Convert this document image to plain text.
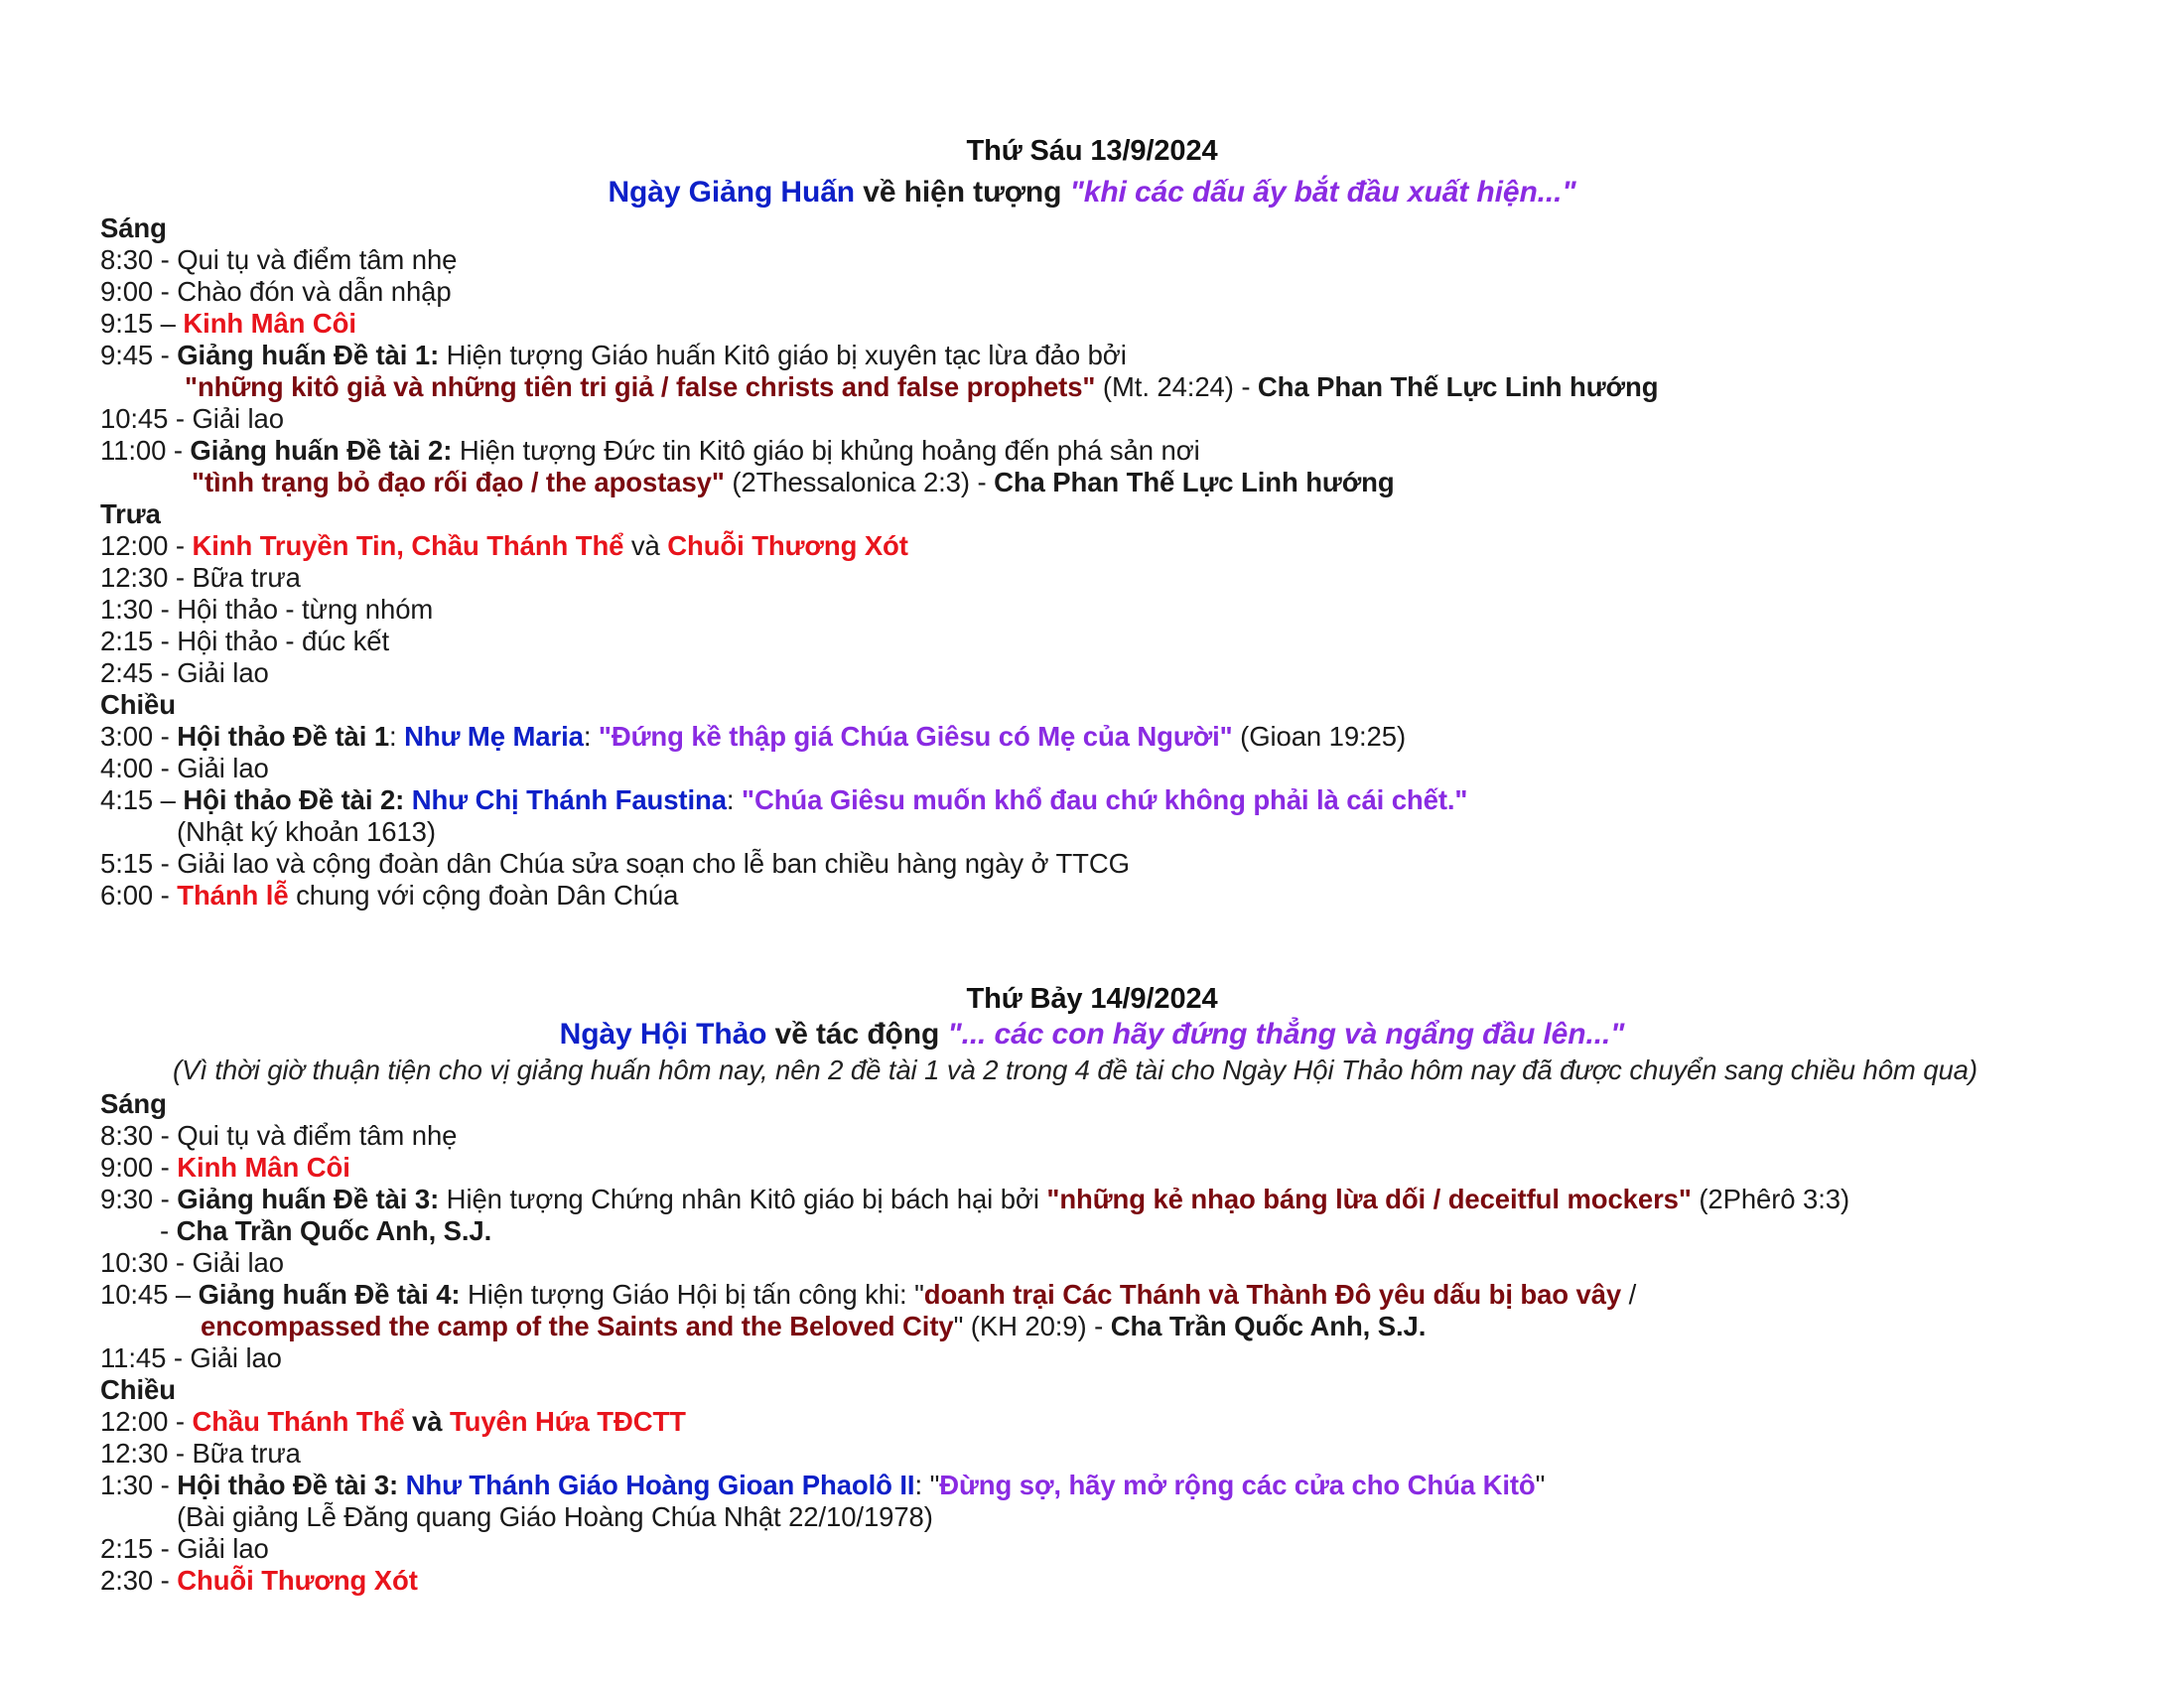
Thứ Sáu 13/9/2024
Ngày Giảng Huấn về hiện tượng "khi các dấu ấy bắt đầu xuất hiện..."
Sáng
8:30 - Qui tụ và điểm tâm nhẹ
9:00 - Chào đón và dẫn nhập
9:15 – Kinh Mân Côi
9:45 - Giảng huấn Đề tài 1: Hiện tượng Giáo huấn Kitô giáo bị xuyên tạc lừa đảo bởi
"những kitô giả và những tiên tri giả / false christs and false prophets" (Mt. 24:24) - Cha Phan Thế Lực Linh hướng
10:45 - Giải lao
11:00 - Giảng huấn Đề tài 2: Hiện tượng Đức tin Kitô giáo bị khủng hoảng đến phá sản nơi
"tình trạng bỏ đạo rối đạo / the apostasy" (2Thessalonica 2:3) - Cha Phan Thế Lực Linh hướng
Trưa
12:00 - Kinh Truyền Tin, Chầu Thánh Thể và Chuỗi Thương Xót
12:30 - Bữa trưa
1:30 - Hội thảo - từng nhóm
2:15 - Hội thảo - đúc kết
2:45 - Giải lao
Chiều
3:00 - Hội thảo Đề tài 1: Như Mẹ Maria: "Đứng kề thập giá Chúa Giêsu có Mẹ của Người" (Gioan 19:25)
4:00 - Giải lao
4:15 – Hội thảo Đề tài 2: Như Chị Thánh Faustina: "Chúa Giêsu muốn khổ đau chứ không phải là cái chết."
(Nhật ký khoản 1613)
5:15 - Giải lao và cộng đoàn dân Chúa sửa soạn cho lễ ban chiều hàng ngày ở TTCG
6:00 - Thánh lễ chung với cộng đoàn Dân Chúa
Thứ Bảy 14/9/2024
Ngày Hội Thảo về tác động "... các con hãy đứng thẳng và ngẩng đầu lên..."
(Vì thời giờ thuận tiện cho vị giảng huấn hôm nay, nên 2 đề tài 1 và 2 trong 4 đề tài cho Ngày Hội Thảo hôm nay đã được chuyển sang chiều hôm qua)
Sáng
8:30 - Qui tụ và điểm tâm nhẹ
9:00 - Kinh Mân Côi
9:30 - Giảng huấn Đề tài 3: Hiện tượng Chứng nhân Kitô giáo bị bách hại bởi "những kẻ nhạo báng lừa dối / deceitful mockers" (2Phêrô 3:3)
- Cha Trần Quốc Anh, S.J.
10:30 - Giải lao
10:45 – Giảng huấn Đề tài 4: Hiện tượng Giáo Hội bị tấn công khi: "doanh trại Các Thánh và Thành Đô yêu dấu bị bao vây /
encompassed the camp of the Saints and the Beloved City" (KH 20:9) - Cha Trần Quốc Anh, S.J.
11:45 - Giải lao
Chiều
12:00 - Chầu Thánh Thể và Tuyên Hứa TĐCTT
12:30 - Bữa trưa
1:30 - Hội thảo Đề tài 3: Như Thánh Giáo Hoàng Gioan Phaolô II: "Đừng sợ, hãy mở rộng các cửa cho Chúa Kitô"
(Bài giảng Lễ Đăng quang Giáo Hoàng Chúa Nhật 22/10/1978)
2:15 - Giải lao
2:30 - Chuỗi Thương Xót
